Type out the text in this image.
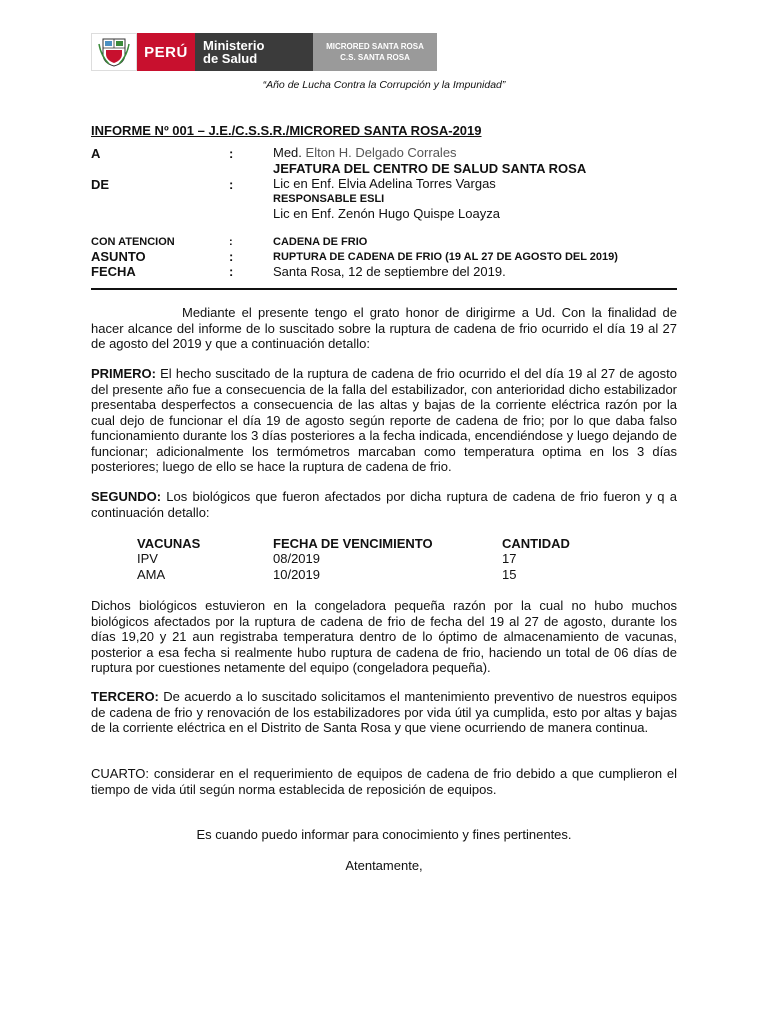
PERÚ	Ministerio
de Salud
MICRORED SANTA ROSA
C.S. SANTA ROSA
“Año de Lucha Contra la Corrupción y la Impunidad”
INFORME Nº 001 – J.E./C.S.S.R./MICRORED SANTA ROSA-2019
A	:	Med. Elton H. Delgado Corrales
JEFATURA DEL CENTRO DE SALUD SANTA ROSA
DE	:	Lic en Enf. Elvia Adelina Torres Vargas
RESPONSABLE ESLI
Lic en Enf. Zenón Hugo Quispe Loayza
CON ATENCION	:	CADENA DE FRIO
ASUNTO	:	RUPTURA DE CADENA DE FRIO (19 AL 27 DE AGOSTO DEL 2019)
FECHA	:	Santa Rosa, 12 de septiembre del 2019.
Mediante el presente tengo el grato honor de dirigirme a Ud. Con la finalidad de hacer alcance del informe de lo suscitado sobre la ruptura de cadena de frio ocurrido el día 19 al 27 de agosto del 2019 y que a continuación detallo:
PRIMERO: El hecho suscitado de la ruptura de cadena de frio ocurrido el del día 19 al 27 de agosto del presente año fue a consecuencia de la falla del estabilizador, con anterioridad dicho estabilizador presentaba desperfectos a consecuencia de las altas y bajas de la corriente eléctrica razón por la cual dejo de funcionar el día 19 de agosto según reporte de cadena de frio; por lo que daba falso funcionamiento durante los 3 días posteriores a la fecha indicada, encendiéndose y luego dejando de funcionar; adicionalmente los termómetros marcaban como temperatura optima en los 3 días posteriores; luego de ello se hace la ruptura de cadena de frio.
SEGUNDO: Los biológicos que fueron afectados por dicha ruptura de cadena de frio fueron y q a continuación detallo:
VACUNAS	FECHA DE VENCIMIENTO	CANTIDAD
IPV	08/2019	17
AMA	10/2019	15
Dichos biológicos estuvieron en la congeladora pequeña razón por la cual no hubo muchos biológicos afectados por la ruptura de cadena de frio de fecha del 19 al 27 de agosto, durante los días 19,20 y 21 aun registraba temperatura dentro de lo óptimo de almacenamiento de vacunas, posterior a esa fecha si realmente hubo ruptura de cadena de frio, haciendo un total de 06 días de ruptura por cuestiones netamente del equipo (congeladora pequeña).
TERCERO: De acuerdo a lo suscitado solicitamos el mantenimiento preventivo de nuestros equipos de cadena de frio y renovación de los estabilizadores por vida útil ya cumplida, esto por altas y bajas de la corriente eléctrica en el Distrito de Santa Rosa y que viene ocurriendo de manera continua.
CUARTO: considerar en el requerimiento de equipos de cadena de frio debido a que cumplieron el tiempo de vida útil según norma establecida de reposición de equipos.
Es cuando puedo informar para conocimiento y fines pertinentes.
Atentamente,
